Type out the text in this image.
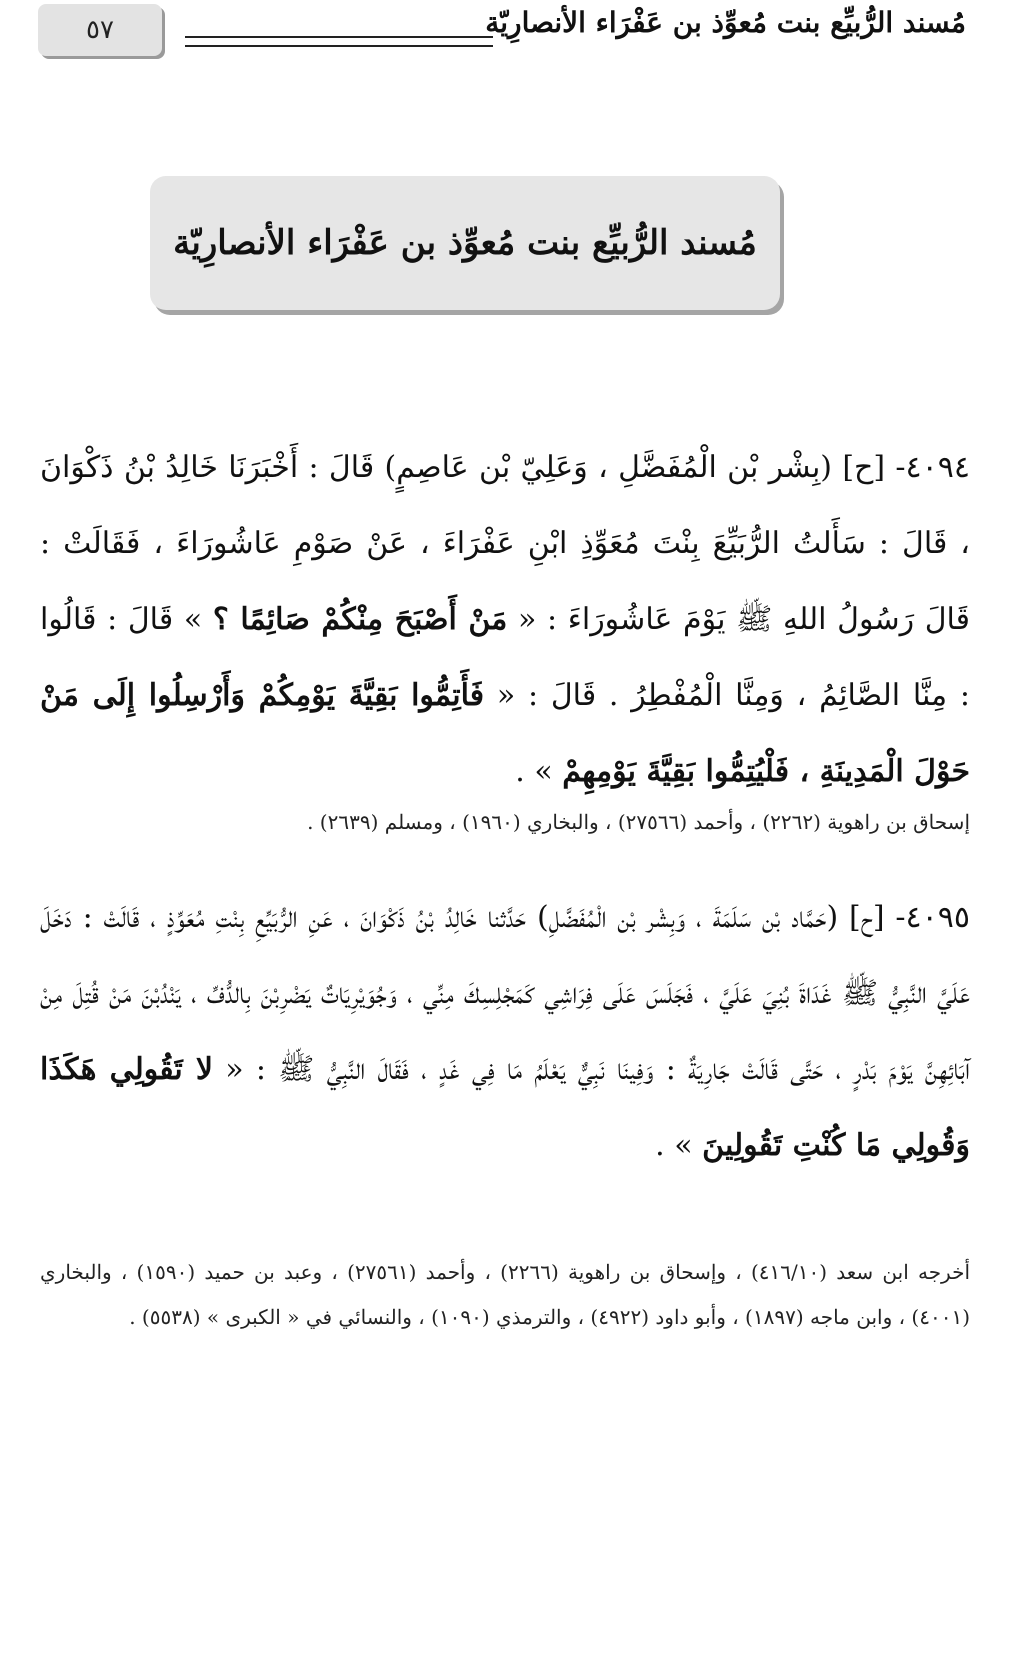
٥٧	مُسند الرُّبيِّع بنت مُعوِّذ بن عَفْرَاء الأنصارِيّة
مُسند الرُّبيِّع بنت مُعوِّذ بن عَفْرَاء الأنصارِيّة
٤٠٩٤- [ح] (بِشْر بْن الْمُفَضَّلِ ، وَعَلِيّ بْن عَاصِمٍ) قَالَ : أَخْبَرَنَا خَالِدُ بْنُ ذَكْوَانَ ، قَالَ : سَأَلتُ الرُّبَيِّعَ بِنْتَ مُعَوِّذِ ابْنِ عَفْرَاءَ ، عَنْ صَوْمِ عَاشُورَاءَ ، فَقَالَتْ : قَالَ رَسُولُ اللهِ ﷺ يَوْمَ عَاشُورَاءَ : « مَنْ أَصْبَحَ مِنْكُمْ صَائِمًا ؟ » قَالَ : قَالُوا : مِنَّا الصَّائِمُ ، وَمِنَّا الْمُفْطِرُ . قَالَ : « فَأَتِمُّوا بَقِيَّةَ يَوْمِكُمْ وَأَرْسِلُوا إِلَى مَنْ حَوْلَ الْمَدِينَةِ ، فَلْيُتِمُّوا بَقِيَّةَ يَوْمِهِمْ » .
إسحاق بن راهوية (٢٢٦٢) ، وأحمد (٢٧٥٦٦) ، والبخاري (١٩٦٠) ، ومسلم (٢٦٣٩) .
٤٠٩٥- [ح] (حَمَّاد بْن سَلَمَةَ ، وَبِشْر بْن الْمُفَضَّلِ) حَدَّثنا خَالِدُ بْنُ ذَكْوَانَ ، عَنِ الرُّبَيِّعِ بِنْتِ مُعَوِّذٍ ، قَالَتْ : دَخَلَ عَلَيَّ النَّبِيُّ ﷺ غَدَاةَ بُنِيَ عَلَيَّ ، فَجَلَسَ عَلَى فِرَاشِي كَمَجْلِسِكَ مِنِّي ، وَجُوَيْرِيَاتٌ يَضْرِبْنَ بِالدُّفِّ ، يَنْدُبْنَ مَنْ قُتِلَ مِنْ آبَائِهِنَّ يَوْمَ بَدْرٍ ، حَتَّى قَالَتْ جَارِيَةٌ : وَفِينَا نَبِيٌّ يَعْلَمُ مَا فِي غَدٍ ، فَقَالَ النَّبِيُّ ﷺ : « لا تَقُولِي هَكَذَا وَقُولِي مَا كُنْتِ تَقُولِينَ » .
أخرجه ابن سعد (٤١٦/١٠) ، وإسحاق بن راهوية (٢٢٦٦) ، وأحمد (٢٧٥٦١) ، وعبد بن حميد (١٥٩٠) ، والبخاري (٤٠٠١) ، وابن ماجه (١٨٩٧) ، وأبو داود (٤٩٢٢) ، والترمذي (١٠٩٠) ، والنسائي في « الكبرى » (٥٥٣٨) .
